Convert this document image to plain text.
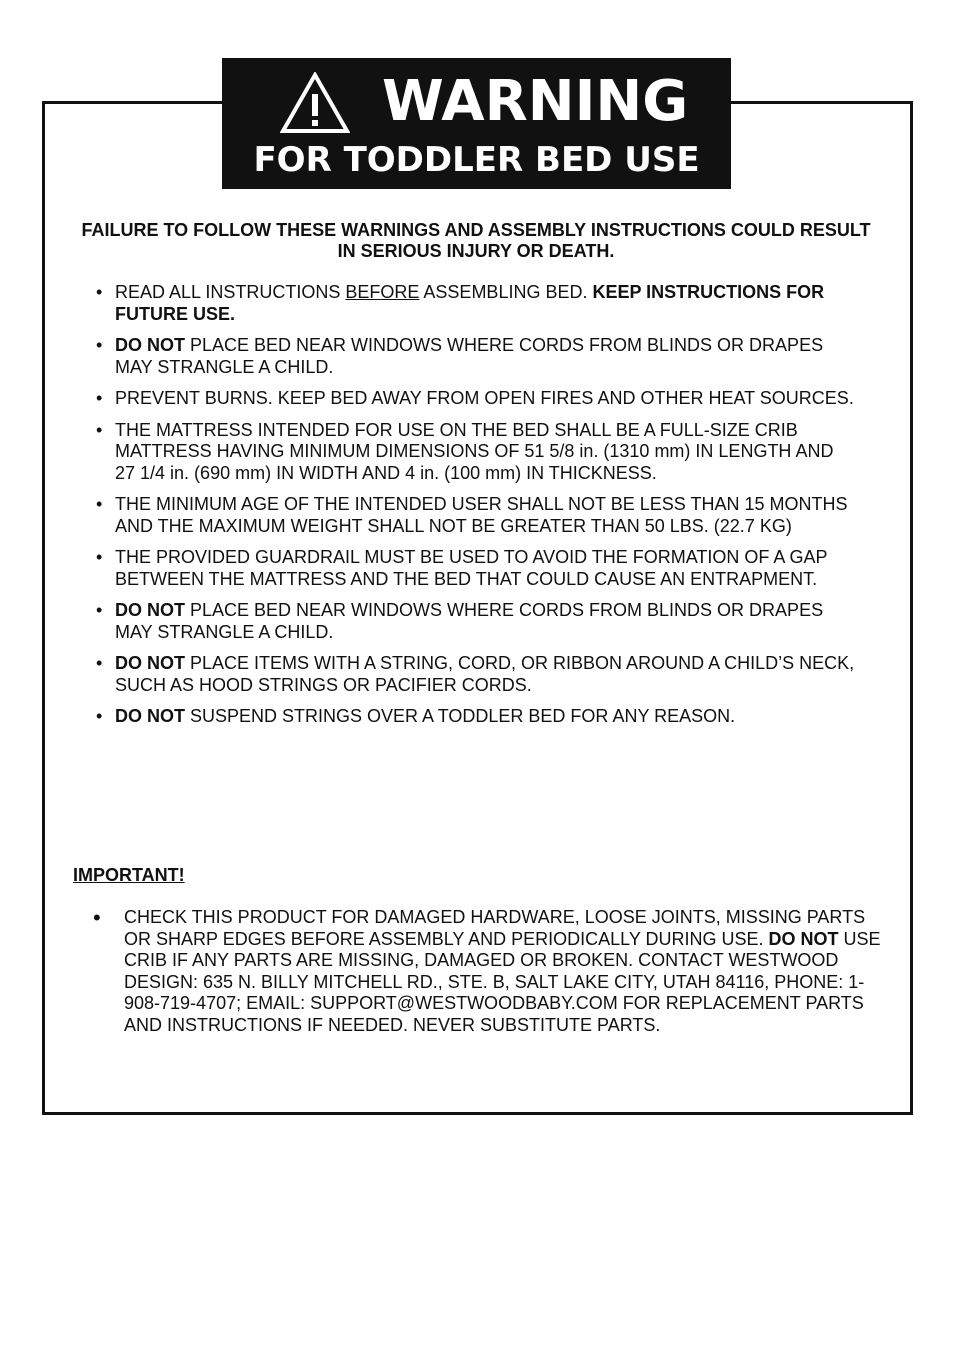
WARNING
FOR TODDLER BED USE
FAILURE TO FOLLOW THESE WARNINGS AND ASSEMBLY INSTRUCTIONS COULD RESULT IN SERIOUS INJURY OR DEATH.
• READ ALL INSTRUCTIONS BEFORE ASSEMBLING BED. KEEP INSTRUCTIONS FOR FUTURE USE.
• DO NOT PLACE BED NEAR WINDOWS WHERE CORDS FROM BLINDS OR DRAPES MAY STRANGLE A CHILD.
• PREVENT BURNS. KEEP BED AWAY FROM OPEN FIRES AND OTHER HEAT SOURCES.
• THE MATTRESS INTENDED FOR USE ON THE BED SHALL BE A FULL-SIZE CRIB MATTRESS HAVING MINIMUM DIMENSIONS OF 51 5/8 in. (1310 mm) IN LENGTH AND 27 1/4 in. (690 mm) IN WIDTH AND 4 in. (100 mm) IN THICKNESS.
• THE MINIMUM AGE OF THE INTENDED USER SHALL NOT BE LESS THAN 15 MONTHS AND THE MAXIMUM WEIGHT SHALL NOT BE GREATER THAN 50 LBS. (22.7 KG)
• THE PROVIDED GUARDRAIL MUST BE USED TO AVOID THE FORMATION OF A GAP BETWEEN THE MATTRESS AND THE BED THAT COULD CAUSE AN ENTRAPMENT.
• DO NOT PLACE BED NEAR WINDOWS WHERE CORDS FROM BLINDS OR DRAPES MAY STRANGLE A CHILD.
• DO NOT PLACE ITEMS WITH A STRING, CORD, OR RIBBON AROUND A CHILD’S NECK, SUCH AS HOOD STRINGS OR PACIFIER CORDS.
• DO NOT SUSPEND STRINGS OVER A TODDLER BED FOR ANY REASON.
IMPORTANT!
• CHECK THIS PRODUCT FOR DAMAGED HARDWARE, LOOSE JOINTS, MISSING PARTS OR SHARP EDGES BEFORE ASSEMBLY AND PERIODICALLY DURING USE. DO NOT USE CRIB IF ANY PARTS ARE MISSING, DAMAGED OR BROKEN. CONTACT WESTWOOD DESIGN: 635 N. BILLY MITCHELL RD., STE. B, SALT LAKE CITY, UTAH 84116, PHONE: 1-908-719-4707; EMAIL: SUPPORT@WESTWOODBABY.COM FOR REPLACEMENT PARTS AND INSTRUCTIONS IF NEEDED. NEVER SUBSTITUTE PARTS.
